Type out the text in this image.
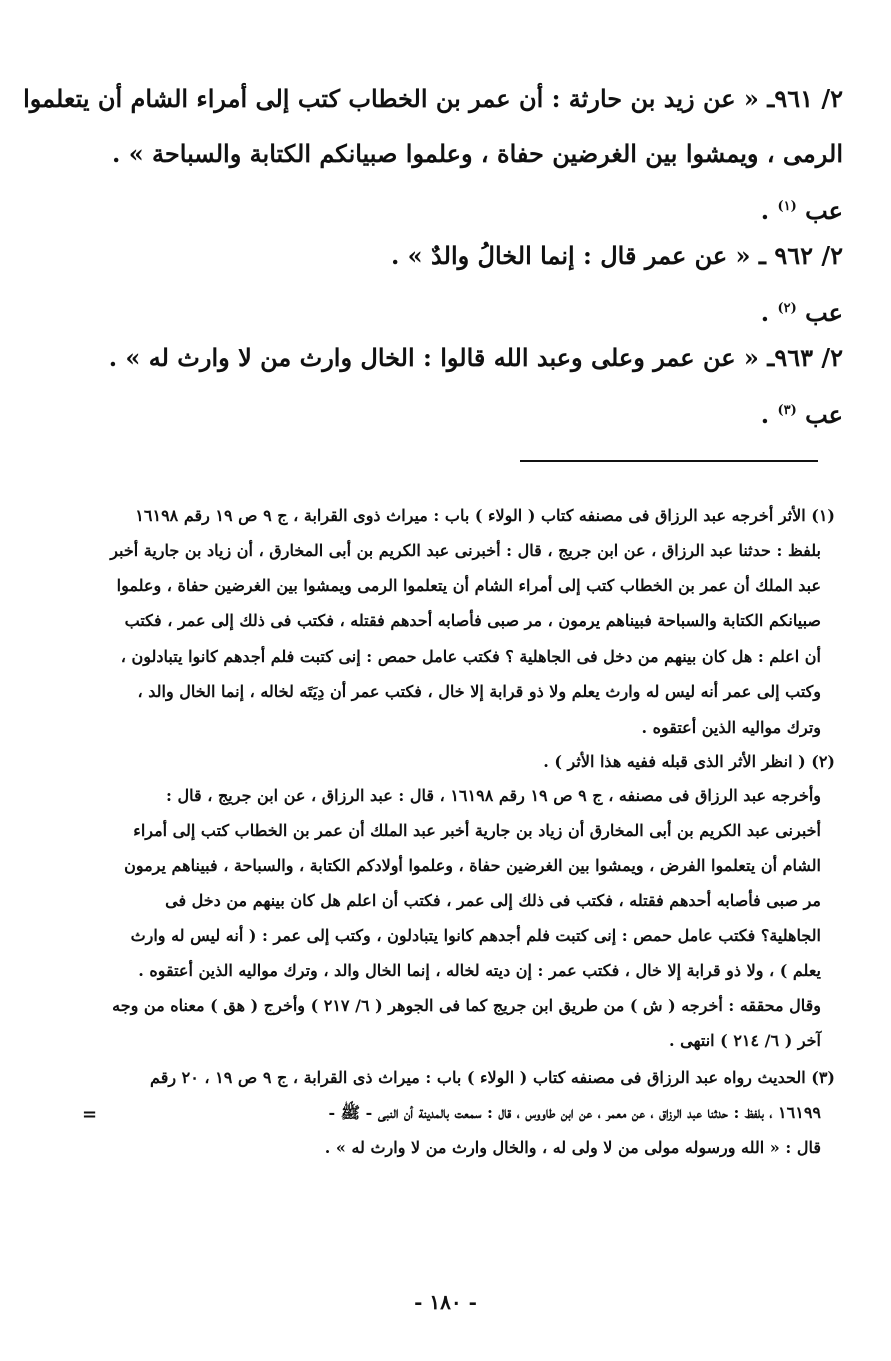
٢/ ٩٦١ـ « عن زيد بن حارثة : أن عمر بن الخطاب كتب إلى أمراء الشام أن يتعلموا
الرمى ، ويمشوا بين الغرضين حفاة ، وعلموا صبيانكم الكتابة والسباحة » .
عب $^{(١)}$ .
٢/ ٩٦٢ ـ « عن عمر قال : إنما الخالُ والدٌ » .
عب $^{(٢)}$ .
٢/ ٩٦٣ـ « عن عمر وعلى وعبد الله قالوا : الخال وارث من لا وارث له » .
عب $^{(٣)}$ .
(١) الأثر أخرجه عبد الرزاق فى مصنفه كتاب ( الولاء ) باب : ميراث ذوى القرابة ، ج ٩ ص ١٩ رقم ١٦١٩٨
بلفظ : حدثنا عبد الرزاق ، عن ابن جريج ، قال : أخبرنى عبد الكريم بن أبى المخارق ، أن زياد بن جارية أخبر
عبد الملك أن عمر بن الخطاب كتب إلى أمراء الشام أن يتعلموا الرمى ويمشوا بين الغرضين حفاة ، وعلموا
صبيانكم الكتابة والسباحة فبيناهم يرمون ، مر صبى فأصابه أحدهم فقتله ، فكتب فى ذلك إلى عمر ، فكتب
أن اعلم : هل كان بينهم من دخل فى الجاهلية ؟ فكتب عامل حمص : إنى كتبت فلم أجدهم كانوا يتبادلون ،
وكتب إلى عمر أنه ليس له وارث يعلم ولا ذو قرابة إلا خال ، فكتب عمر أن دِيَتَه لخاله ، إنما الخال والد ،
وترك مواليه الذين أعتقوه .
(٢) ( انظر الأثر الذى قبله ففيه هذا الأثر ) .
وأخرجه عبد الرزاق فى مصنفه ، ج ٩ ص ١٩ رقم ١٦١٩٨ ، قال : عبد الرزاق ، عن ابن جريج ، قال :
أخبرنى عبد الكريم بن أبى المخارق أن زياد بن جارية أخبر عبد الملك أن عمر بن الخطاب كتب إلى أمراء
الشام أن يتعلموا الفرض ، ويمشوا بين الغرضين حفاة ، وعلموا أولادكم الكتابة ، والسباحة ، فبيناهم يرمون
مر صبى فأصابه أحدهم فقتله ، فكتب فى ذلك إلى عمر ، فكتب أن اعلم هل كان بينهم من دخل فى
الجاهلية؟ فكتب عامل حمص : إنى كتبت فلم أجدهم كانوا يتبادلون ، وكتب إلى عمر : ( أنه ليس له وارث
يعلم ) ، ولا ذو قرابة إلا خال ، فكتب عمر : إن ديته لخاله ، إنما الخال والد ، وترك مواليه الذين أعتقوه .
وقال محققه : أخرجه ( ش ) من طريق ابن جريج كما فى الجوهر ( ٦/ ٢١٧ ) وأخرج ( هق ) معناه من وجه
آخر ( ٦/ ٢١٤ ) انتهى .
(٣) الحديث رواه عبد الرزاق فى مصنفه كتاب ( الولاء ) باب : ميراث ذى القرابة ، ج ٩ ص ١٩ ، ٢٠ رقم
١٦١٩٩ ، بلفظ : حدثنا عبد الرزاق ، عن معمر ، عن ابن طاووس ، قال : سمعت بالمدينة أن النبى - ﷺ -
قال : « الله ورسوله مولى من لا ولى له ، والخال وارث من لا وارث له » .
=
- ١٨٠ -
